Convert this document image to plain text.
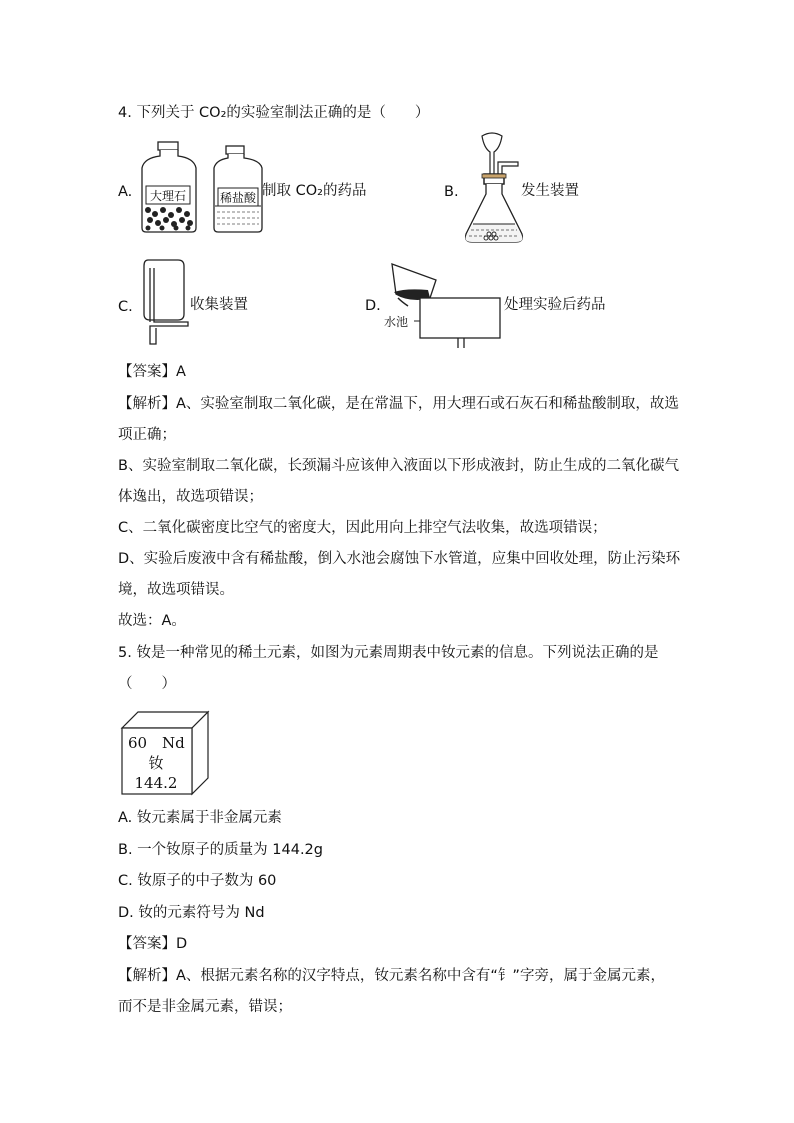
4. 下列关于 CO₂的实验室制法正确的是（　　）
A. 大理石	稀盐酸 制取 CO₂的药品	B.	发生装置
C.	收集装置	D.
水池
处理实验后药品
【答案】A
【解析】A、实验室制取二氧化碳，是在常温下，用大理石或石灰石和稀盐酸制取，故选
项正确；
B、实验室制取二氧化碳，长颈漏斗应该伸入液面以下形成液封，防止生成的二氧化碳气
体逸出，故选项错误；
C、二氧化碳密度比空气的密度大，因此用向上排空气法收集，故选项错误；
D、实验后废液中含有稀盐酸，倒入水池会腐蚀下水管道，应集中回收处理，防止污染环
境，故选项错误。
故选：A。
5. 钕是一种常见的稀土元素，如图为元素周期表中钕元素的信息。下列说法正确的是
（　　）
60 Nd
钕
144.2
A. 钕元素属于非金属元素
B. 一个钕原子的质量为 144.2g
C. 钕原子的中子数为 60
D. 钕的元素符号为 Nd
【答案】D
【解析】A、根据元素名称的汉字特点，钕元素名称中含有“钅”字旁，属于金属元素，
而不是非金属元素，错误；
